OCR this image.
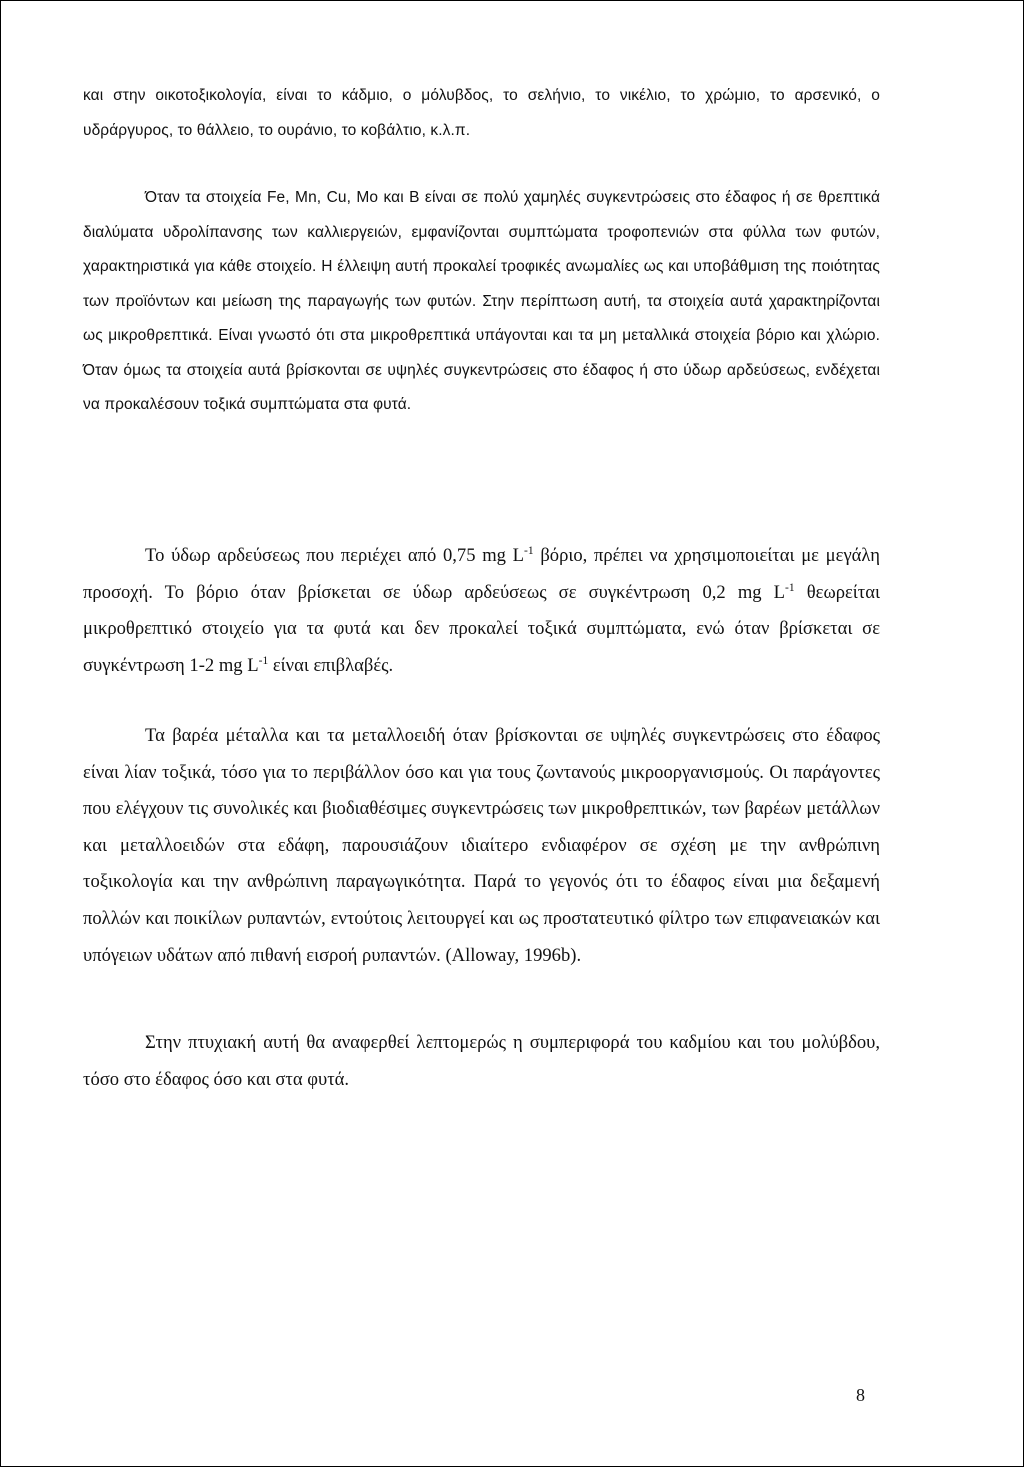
και στην οικοτοξικολογία, είναι το κάδμιο, ο μόλυβδος, το σελήνιο, το νικέλιο, το χρώμιο, το αρσενικό, ο υδράργυρος, το θάλλειο, το ουράνιο, το κοβάλτιο, κ.λ.π.

Όταν τα στοιχεία Fe, Mn, Cu, Mo και B είναι σε πολύ χαμηλές συγκεντρώσεις στο έδαφος ή σε θρεπτικά διαλύματα υδρολίπανσης των καλλιεργειών, εμφανίζονται συμπτώματα τροφοπενιών στα φύλλα των φυτών, χαρακτηριστικά για κάθε στοιχείο. Η έλλειψη αυτή προκαλεί τροφικές ανωμαλίες ως και υποβάθμιση της ποιότητας των προϊόντων και μείωση της παραγωγής των φυτών. Στην περίπτωση αυτή, τα στοιχεία αυτά χαρακτηρίζονται ως μικροθρεπτικά. Είναι γνωστό ότι στα μικροθρεπτικά υπάγονται και τα μη μεταλλικά στοιχεία βόριο και χλώριο. Όταν όμως τα στοιχεία αυτά βρίσκονται σε υψηλές συγκεντρώσεις στο έδαφος ή στο ύδωρ αρδεύσεως, ενδέχεται να προκαλέσουν τοξικά συμπτώματα στα φυτά.

Το ύδωρ αρδεύσεως που περιέχει από 0,75 mg $L^{-1}$ βόριο, πρέπει να χρησιμοποιείται με μεγάλη προσοχή. Το βόριο όταν βρίσκεται σε ύδωρ αρδεύσεως σε συγκέντρωση 0,2 mg $L^{-1}$ θεωρείται μικροθρεπτικό στοιχείο για τα φυτά και δεν προκαλεί τοξικά συμπτώματα, ενώ όταν βρίσκεται σε συγκέντρωση 1-2 mg $L^{-1}$ είναι επιβλαβές.

Τα βαρέα μέταλλα και τα μεταλλοειδή όταν βρίσκονται σε υψηλές συγκεντρώσεις στο έδαφος είναι λίαν τοξικά, τόσο για το περιβάλλον όσο και για τους ζωντανούς μικροοργανισμούς. Οι παράγοντες που ελέγχουν τις συνολικές και βιοδιαθέσιμες συγκεντρώσεις των μικροθρεπτικών, των βαρέων μετάλλων και μεταλλοειδών στα εδάφη, παρουσιάζουν ιδιαίτερο ενδιαφέρον σε σχέση με την ανθρώπινη τοξικολογία και την ανθρώπινη παραγωγικότητα. Παρά το γεγονός ότι το έδαφος είναι μια δεξαμενή πολλών και ποικίλων ρυπαντών, εντούτοις λειτουργεί και ως προστατευτικό φίλτρο των επιφανειακών και υπόγειων υδάτων από πιθανή εισροή ρυπαντών. (Alloway, 1996b).

Στην πτυχιακή αυτή θα αναφερθεί λεπτομερώς η συμπεριφορά του καδμίου και του μολύβδου, τόσο στο έδαφος όσο και στα φυτά.

8
